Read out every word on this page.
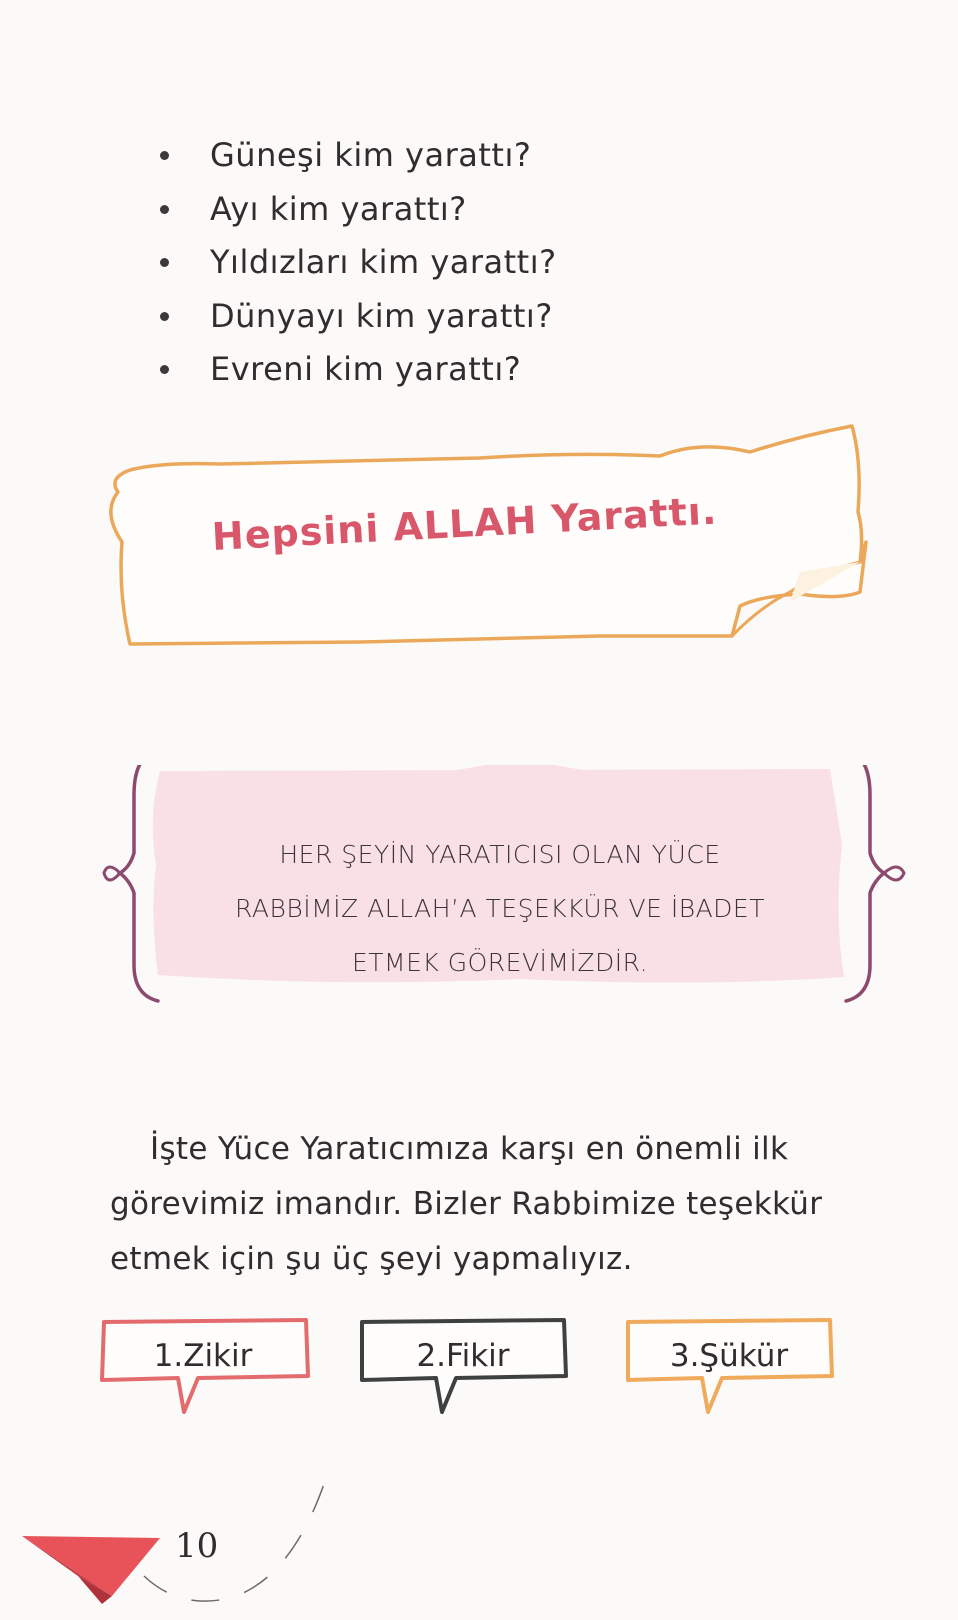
Güneşi kim yarattı?
Ayı kim yarattı?
Yıldızları kim yarattı?
Dünyayı kim yarattı?
Evreni kim yarattı?
Hepsini ALLAH Yarattı.
HER ŞEYİN YARATICISI OLAN YÜCE
RABBİMİZ ALLAH’A TEŞEKKÜR VE İBADET
ETMEK GÖREVİMİZDİR.
İşte Yüce Yaratıcımıza karşı en önemli ilk
görevimiz imandır. Bizler Rabbimize teşekkür
etmek için şu üç şeyi yapmalıyız.
1.Zikir	2.Fikir	3.Şükür
10
